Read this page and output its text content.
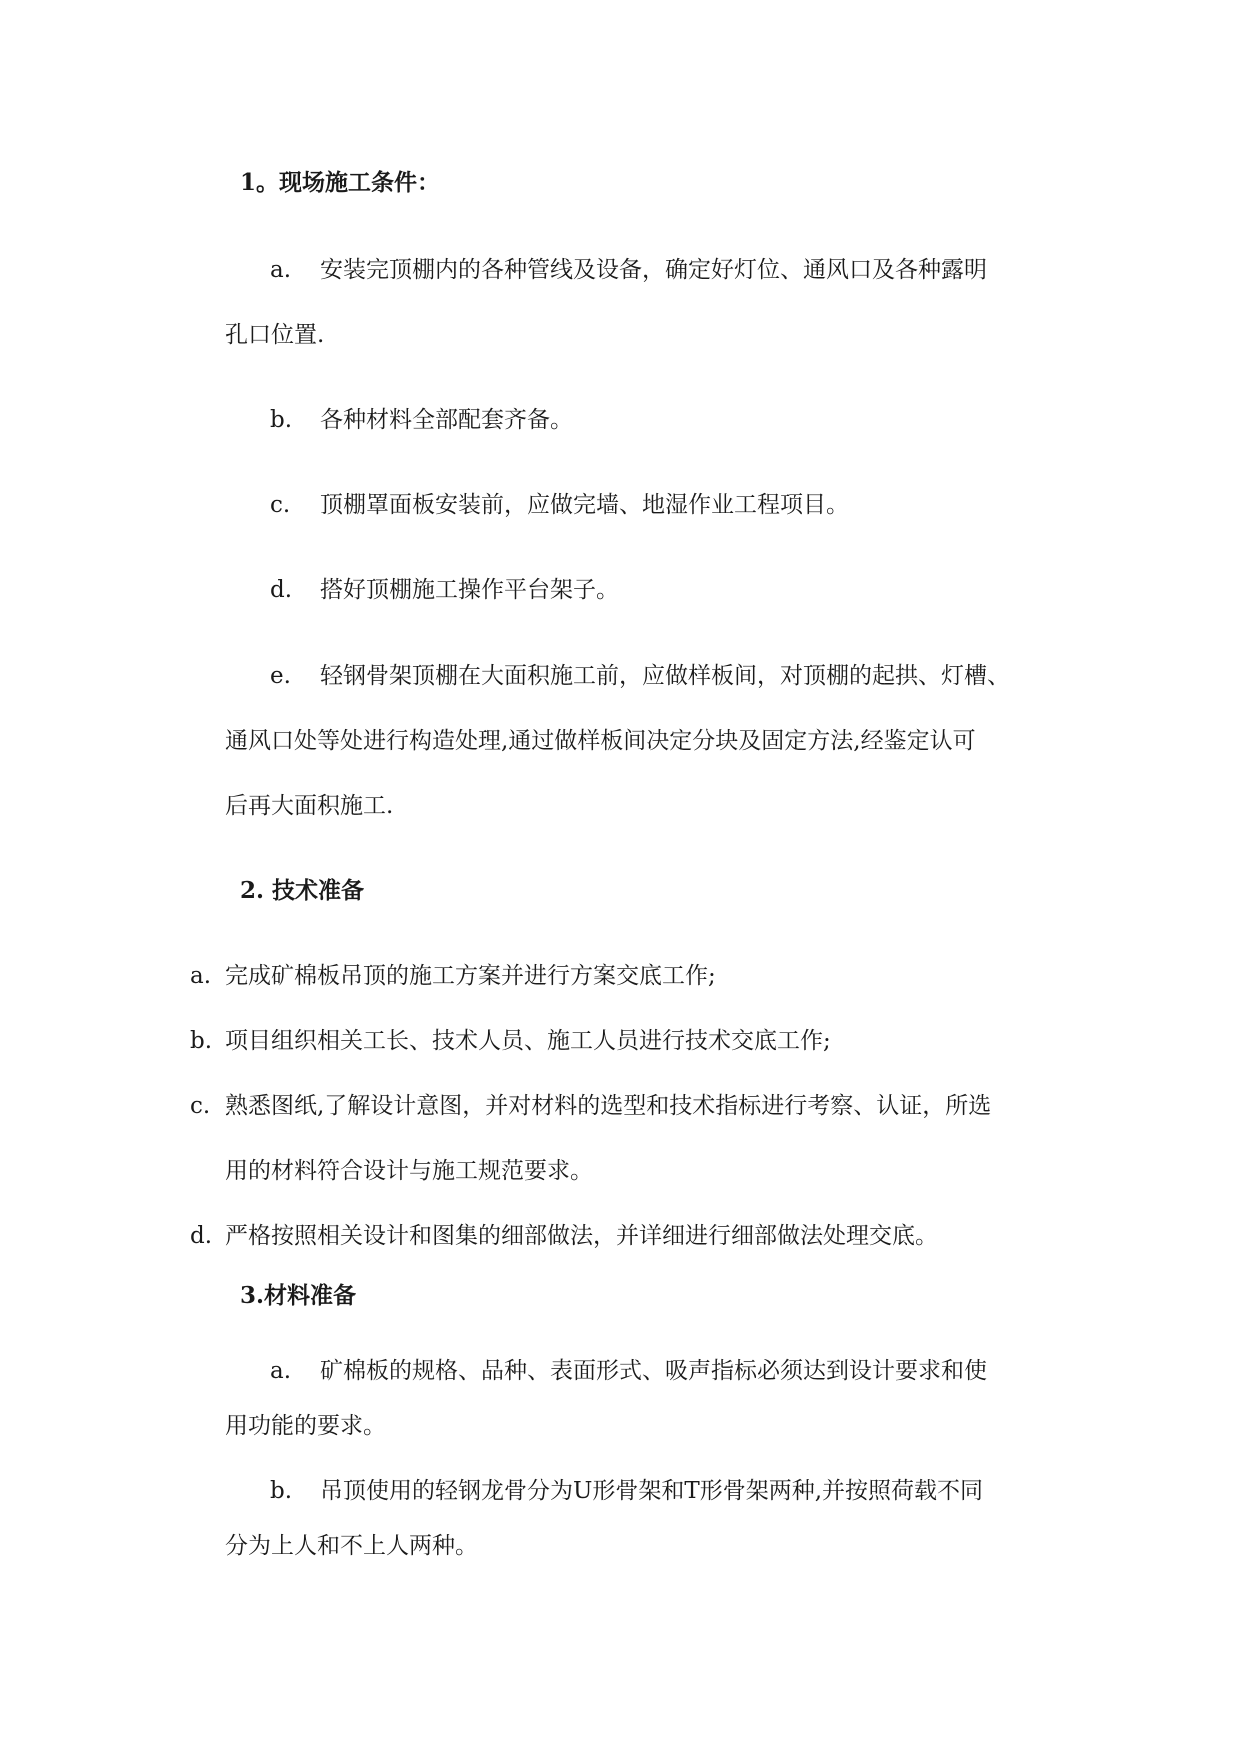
1。现场施工条件：
a. 安装完顶棚内的各种管线及设备，确定好灯位、通风口及各种露明
孔口位置.
b. 各种材料全部配套齐备。
c. 顶棚罩面板安装前，应做完墙、地湿作业工程项目。
d. 搭好顶棚施工操作平台架子。
e. 轻钢骨架顶棚在大面积施工前，应做样板间，对顶棚的起拱、灯槽、
通风口处等处进行构造处理,通过做样板间决定分块及固定方法,经鉴定认可
后再大面积施工.
2. 技术准备
a. 完成矿棉板吊顶的施工方案并进行方案交底工作;
b. 项目组织相关工长、技术人员、施工人员进行技术交底工作;
c. 熟悉图纸,了解设计意图，并对材料的选型和技术指标进行考察、认证，所选
用的材料符合设计与施工规范要求。
d. 严格按照相关设计和图集的细部做法，并详细进行细部做法处理交底。
3.材料准备
a. 矿棉板的规格、品种、表面形式、吸声指标必须达到设计要求和使
用功能的要求。
b. 吊顶使用的轻钢龙骨分为U形骨架和T形骨架两种,并按照荷载不同
分为上人和不上人两种。
